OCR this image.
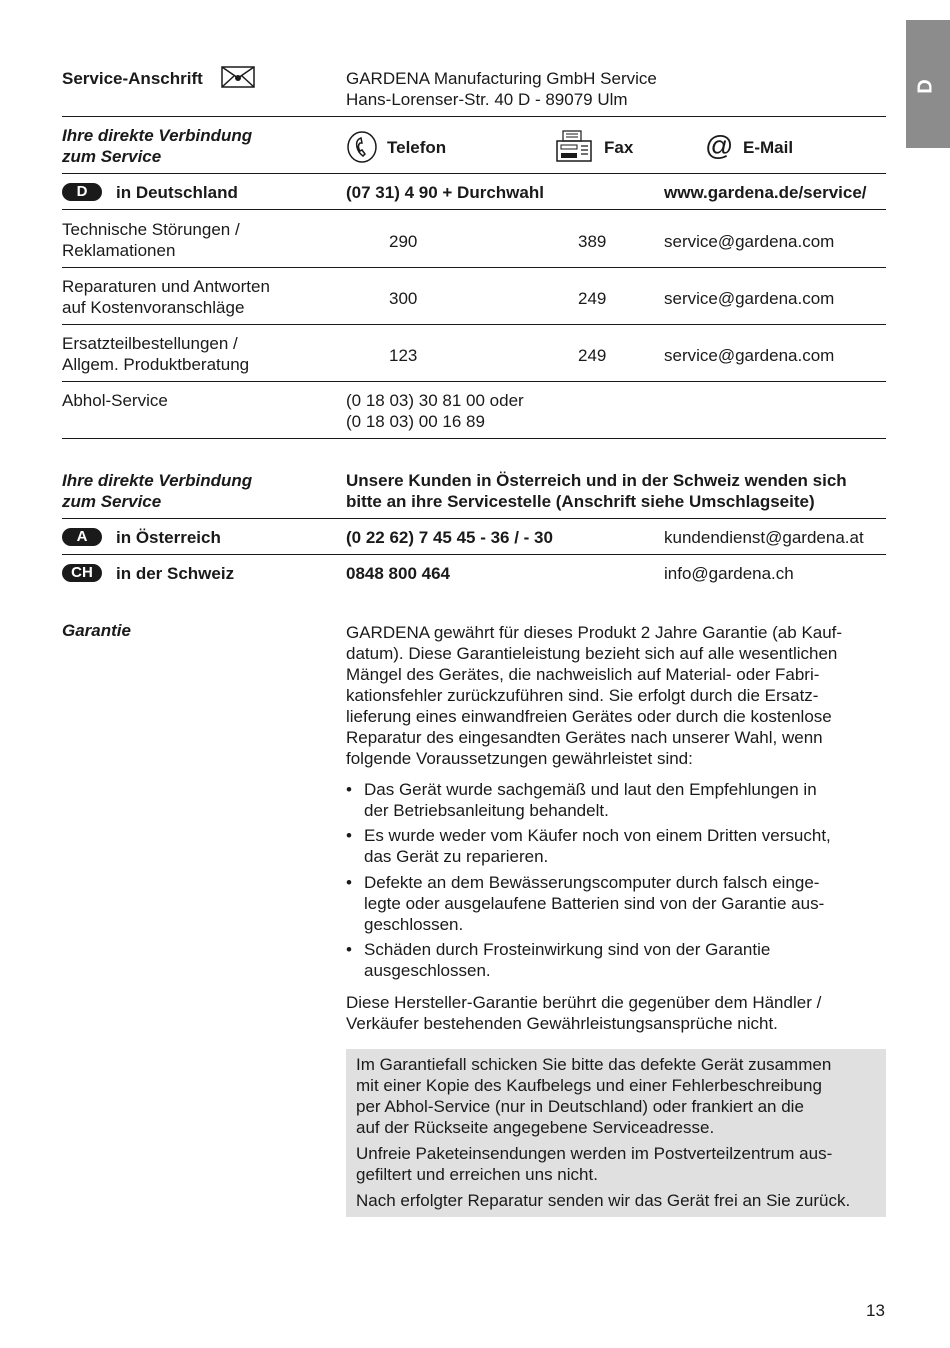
D
Service-Anschrift	GARDENA Manufacturing GmbH Service
Hans-Lorenser-Str. 40 D - 89079 Ulm
Ihre direkte Verbindung
zum Service	Telefon	Fax	@ E-Mail
D	in Deutschland	(07 31) 4 90 + Durchwahl	www.gardena.de/service/
Technische Störungen /
Reklamationen	290	389	service@gardena.com
Reparaturen und Antworten
auf Kostenvoranschläge	300	249	service@gardena.com
Ersatzteilbestellungen /
Allgem. Produktberatung	123	249	service@gardena.com
Abhol-Service	(0 18 03) 30 81 00 oder
(0 18 03) 00 16 89
Ihre direkte Verbindung
zum Service
Unsere Kunden in Österreich und in der Schweiz wenden sich
bitte an ihre Servicestelle (Anschrift siehe Umschlagseite)
A	in Österreich	(0 22 62) 7 45 45 - 36 / - 30	kundendienst@gardena.at
CH	in der Schweiz	0848 800 464	info@gardena.ch
Garantie	GARDENA gewährt für dieses Produkt 2 Jahre Garantie (ab Kauf-
datum). Diese Garantieleistung bezieht sich auf alle wesentlichen
Mängel des Gerätes, die nachweislich auf Material- oder Fabri-
kationsfehler zurückzuführen sind. Sie erfolgt durch die Ersatz-
lieferung eines einwandfreien Gerätes oder durch die kostenlose
Reparatur des eingesandten Gerätes nach unserer Wahl, wenn
folgende Voraussetzungen gewährleistet sind:
• Das Gerät wurde sachgemäß und laut den Empfehlungen in
der Betriebsanleitung behandelt.
• Es wurde weder vom Käufer noch von einem Dritten versucht,
das Gerät zu reparieren.
• Defekte an dem Bewässerungscomputer durch falsch einge-
legte oder ausgelaufene Batterien sind von der Garantie aus-
geschlossen.
• Schäden durch Frosteinwirkung sind von der Garantie
ausgeschlossen.
Diese Hersteller-Garantie berührt die gegenüber dem Händler /
Verkäufer bestehenden Gewährleistungsansprüche nicht.
Im Garantiefall schicken Sie bitte das defekte Gerät zusammen
mit einer Kopie des Kaufbelegs und einer Fehlerbeschreibung
per Abhol-Service (nur in Deutschland) oder frankiert an die
auf der Rückseite angegebene Serviceadresse.
Unfreie Paketeinsendungen werden im Postverteilzentrum aus-
gefiltert und erreichen uns nicht.
Nach erfolgter Reparatur senden wir das Gerät frei an Sie zurück.
13
